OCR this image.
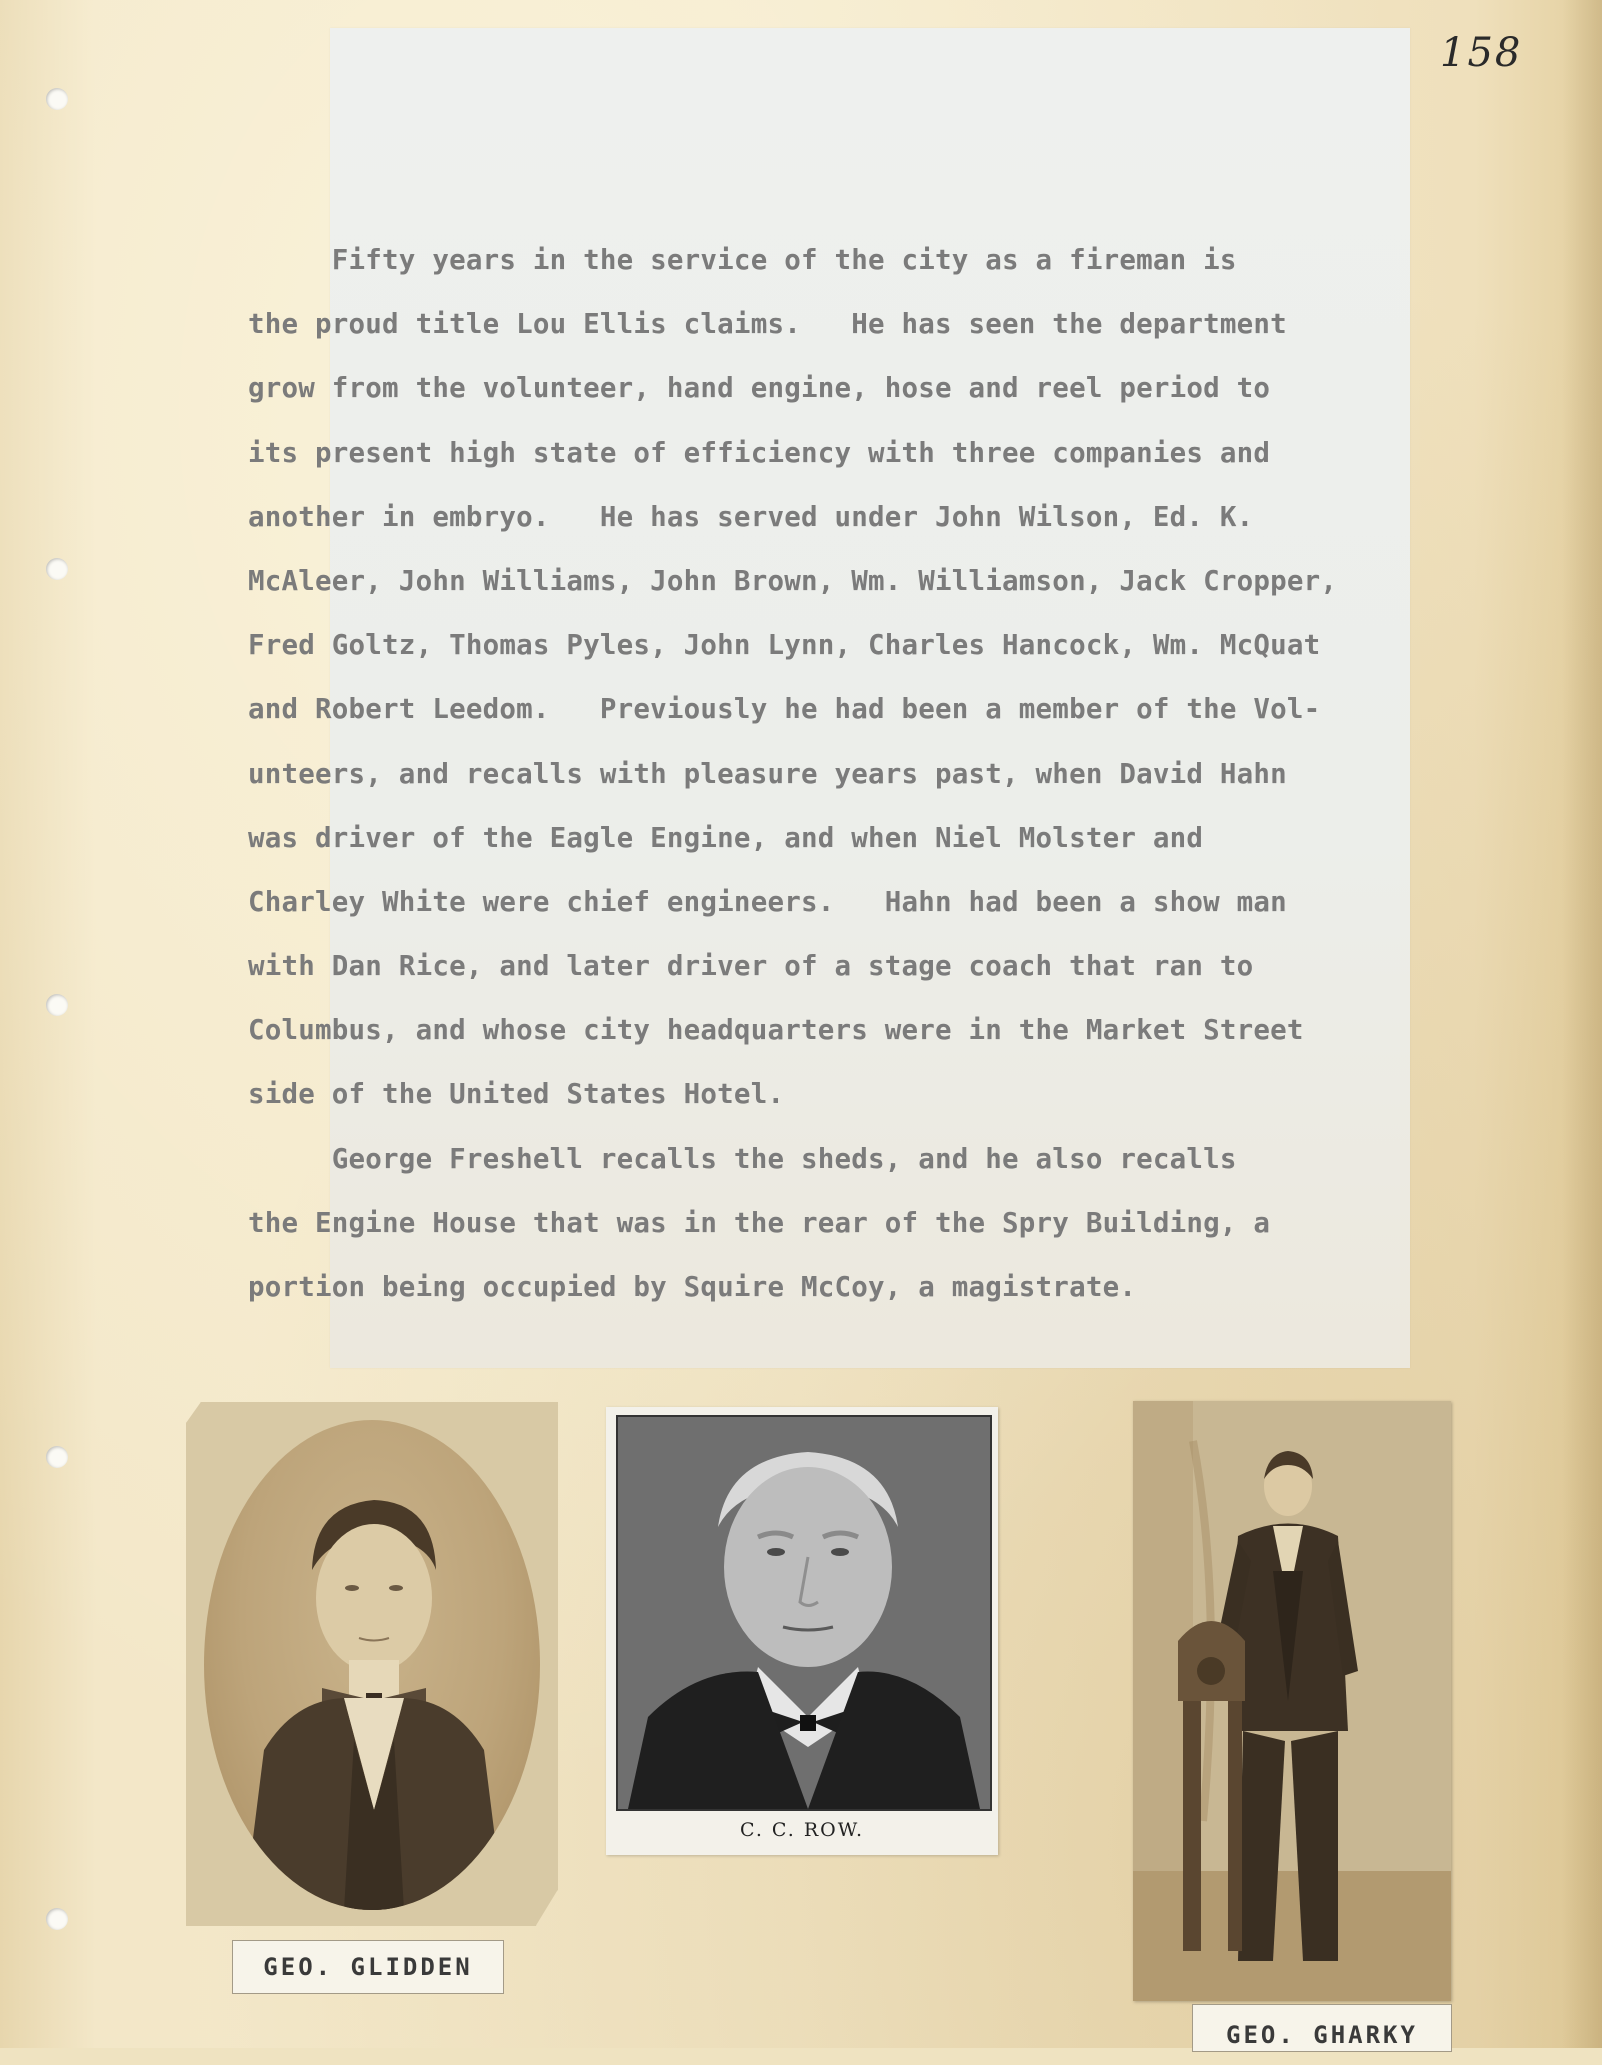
158
Fifty years in the service of the city as a fireman is
the proud title Lou Ellis claims.   He has seen the department
grow from the volunteer, hand engine, hose and reel period to
its present high state of efficiency with three companies and
another in embryo.   He has served under John Wilson, Ed. K.
McAleer, John Williams, John Brown, Wm. Williamson, Jack Cropper,
Fred Goltz, Thomas Pyles, John Lynn, Charles Hancock, Wm. McQuat
and Robert Leedom.   Previously he had been a member of the Vol-
unteers, and recalls with pleasure years past, when David Hahn
was driver of the Eagle Engine, and when Niel Molster and
Charley White were chief engineers.   Hahn had been a show man
with Dan Rice, and later driver of a stage coach that ran to
Columbus, and whose city headquarters were in the Market Street
side of the United States Hotel.
George Freshell recalls the sheds, and he also recalls
the Engine House that was in the rear of the Spry Building, a
portion being occupied by Squire McCoy, a magistrate.
C. C. ROW.
GEO. GLIDDEN
GEO. GHARKY
